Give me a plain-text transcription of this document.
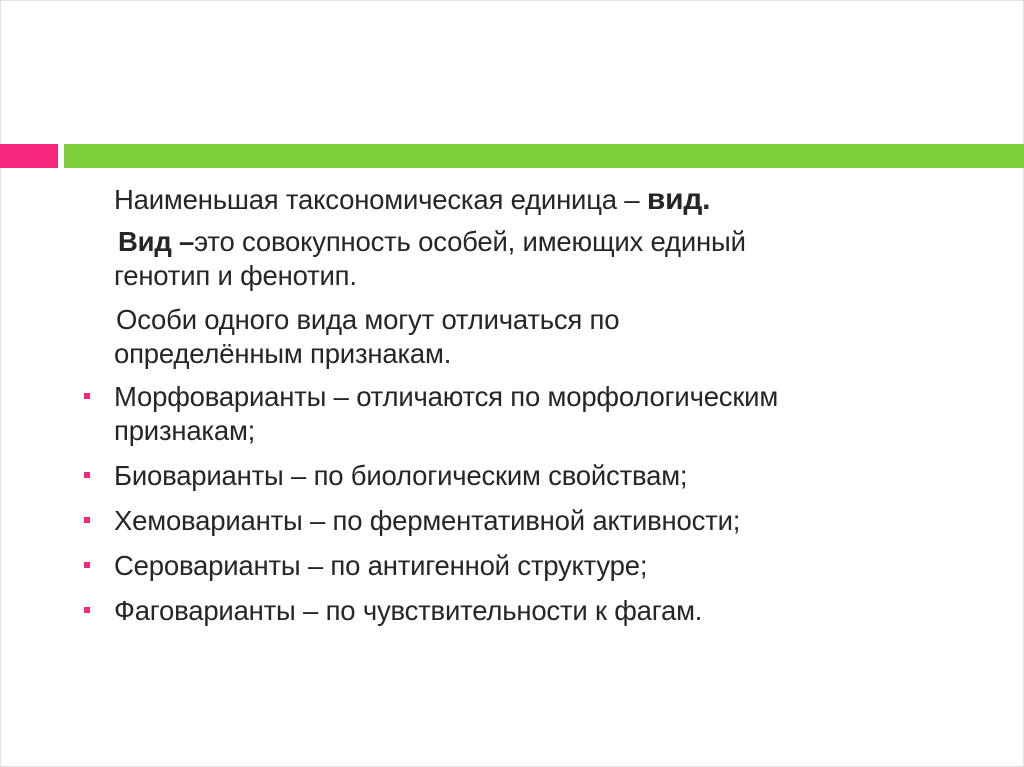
Наименьшая таксономическая единица – вид.

Вид –это совокупность особей, имеющих единый
генотип и фенотип.

Особи одного вида могут отличаться по
определённым признакам.

Морфоварианты – отличаются по морфологическим
признакам;
Биоварианты – по биологическим свойствам;
Хемоварианты – по ферментативной активности;
Сероварианты – по антигенной структуре;
Фаговарианты – по чувствительности к фагам.
